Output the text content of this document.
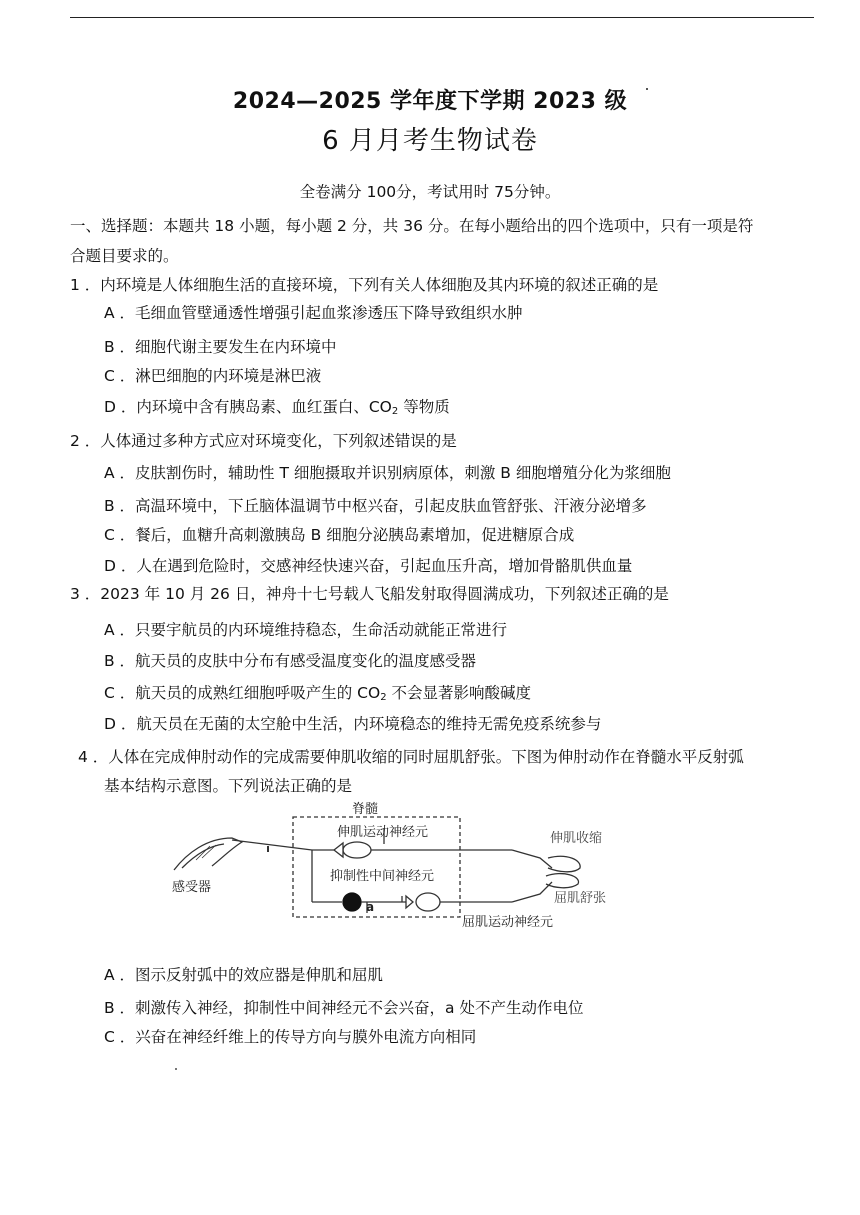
2024—2025 学年度下学期 2023 级
6 月月考生物试卷
全卷满分 100分，考试用时 75分钟。
一、选择题：本题共 18 小题，每小题 2 分，共 36 分。在每小题给出的四个选项中，只有一项是符
合题目要求的。
1 ．内环境是人体细胞生活的直接环境，下列有关人体细胞及其内环境的叙述正确的是
A ．毛细血管壁通透性增强引起血浆渗透压下降导致组织水肿
B ．细胞代谢主要发生在内环境中
C ．淋巴细胞的内环境是淋巴液
D ．内环境中含有胰岛素、血红蛋白、$CO_2$ 等物质
2 ．人体通过多种方式应对环境变化，下列叙述错误的是
A ．皮肤割伤时，辅助性 T 细胞摄取并识别病原体，刺激 B 细胞增殖分化为浆细胞
B ．高温环境中，下丘脑体温调节中枢兴奋，引起皮肤血管舒张、汗液分泌增多
C ．餐后，血糖升高刺激胰岛 B 细胞分泌胰岛素增加，促进糖原合成
D ．人在遇到危险时，交感神经快速兴奋，引起血压升高，增加骨骼肌供血量
3 ．2023 年 10 月 26 日，神舟十七号载人飞船发射取得圆满成功，下列叙述正确的是
A ．只要宇航员的内环境维持稳态，生命活动就能正常进行
B ．航天员的皮肤中分布有感受温度变化的温度感受器
C ．航天员的成熟红细胞呼吸产生的 $CO_2$ 不会显著影响酸碱度
D ．航天员在无菌的太空舱中生活，内环境稳态的维持无需免疫系统参与
4 ．人体在完成伸肘动作的完成需要伸肌收缩的同时屈肌舒张。下图为伸肘动作在脊髓水平反射弧
基本结构示意图。下列说法正确的是
脊髓
伸肌运动神经元
抑制性中间神经元
感受器
伸肌收缩
屈肌舒张
屈肌运动神经元
a
A ．图示反射弧中的效应器是伸肌和屈肌
B ．刺激传入神经，抑制性中间神经元不会兴奋，a 处不产生动作电位
C ．兴奋在神经纤维上的传导方向与膜外电流方向相同
